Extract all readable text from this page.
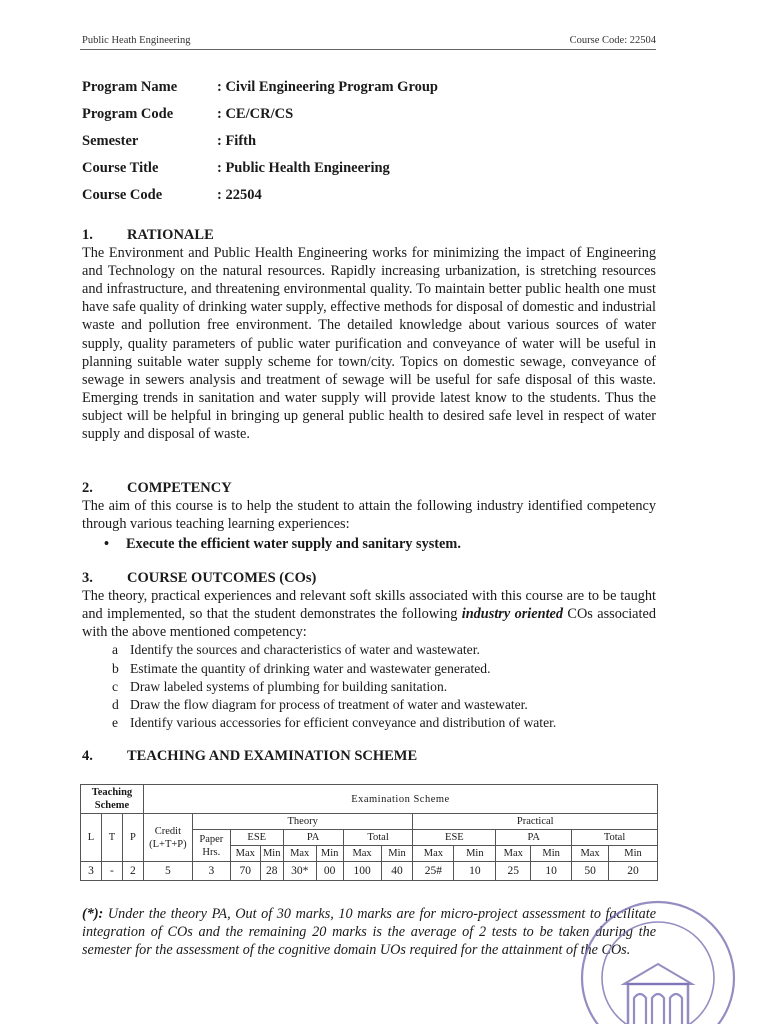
Public Heath Engineering	Course Code: 22504
Program Name	: Civil Engineering Program Group
Program Code	: CE/CR/CS
Semester	: Fifth
Course Title	: Public Health Engineering
Course Code	: 22504
1.	RATIONALE
The Environment and Public Health Engineering works for minimizing the impact of Engineering and Technology on the natural resources. Rapidly increasing urbanization, is stretching resources and infrastructure, and threatening environmental quality. To maintain better public health one must have safe quality of drinking water supply, effective methods for disposal of domestic and industrial waste and pollution free environment. The detailed knowledge about various sources of water supply, quality parameters of public water purification and conveyance of water will be useful in planning suitable water supply scheme for town/city. Topics on domestic sewage, conveyance of sewage in sewers analysis and treatment of sewage will be useful for safe disposal of this waste. Emerging trends in sanitation and water supply will provide latest know to the students. Thus the subject will be helpful in bringing up general public health to desired safe level in respect of water supply and disposal of waste.
2.	COMPETENCY
The aim of this course is to help the student to attain the following industry identified competency through various teaching learning experiences:
•	Execute the efficient water supply and sanitary system.
3.	COURSE OUTCOMES (COs)
The theory, practical experiences and relevant soft skills associated with this course are to be taught and implemented, so that the student demonstrates the following industry oriented COs associated with the above mentioned competency:
a Identify the sources and characteristics of water and wastewater.
b Estimate the quantity of drinking water and wastewater generated.
c Draw labeled systems of plumbing for building sanitation.
d Draw the flow diagram for process of treatment of water and wastewater.
e Identify various accessories for efficient conveyance and distribution of water.
4.	TEACHING AND EXAMINATION SCHEME
Teaching Scheme			Examination Scheme													
L	T	P	Credit (L+T+P)	Theory							Practical					
				Paper Hrs.	ESE		PA		Total		ESE		PA		Total	
					Max	Min	Max	Min	Max	Min	Max	Min	Max	Min	Max	Min
3	-	2	5	3	70	28	30*	00	100	40	25#	10	25	10	50	20
(*): Under the theory PA, Out of 30 marks, 10 marks are for micro-project assessment to facilitate integration of COs and the remaining 20 marks is the average of 2 tests to be taken during the semester for the assessment of the cognitive domain UOs required for the attainment of the COs.
